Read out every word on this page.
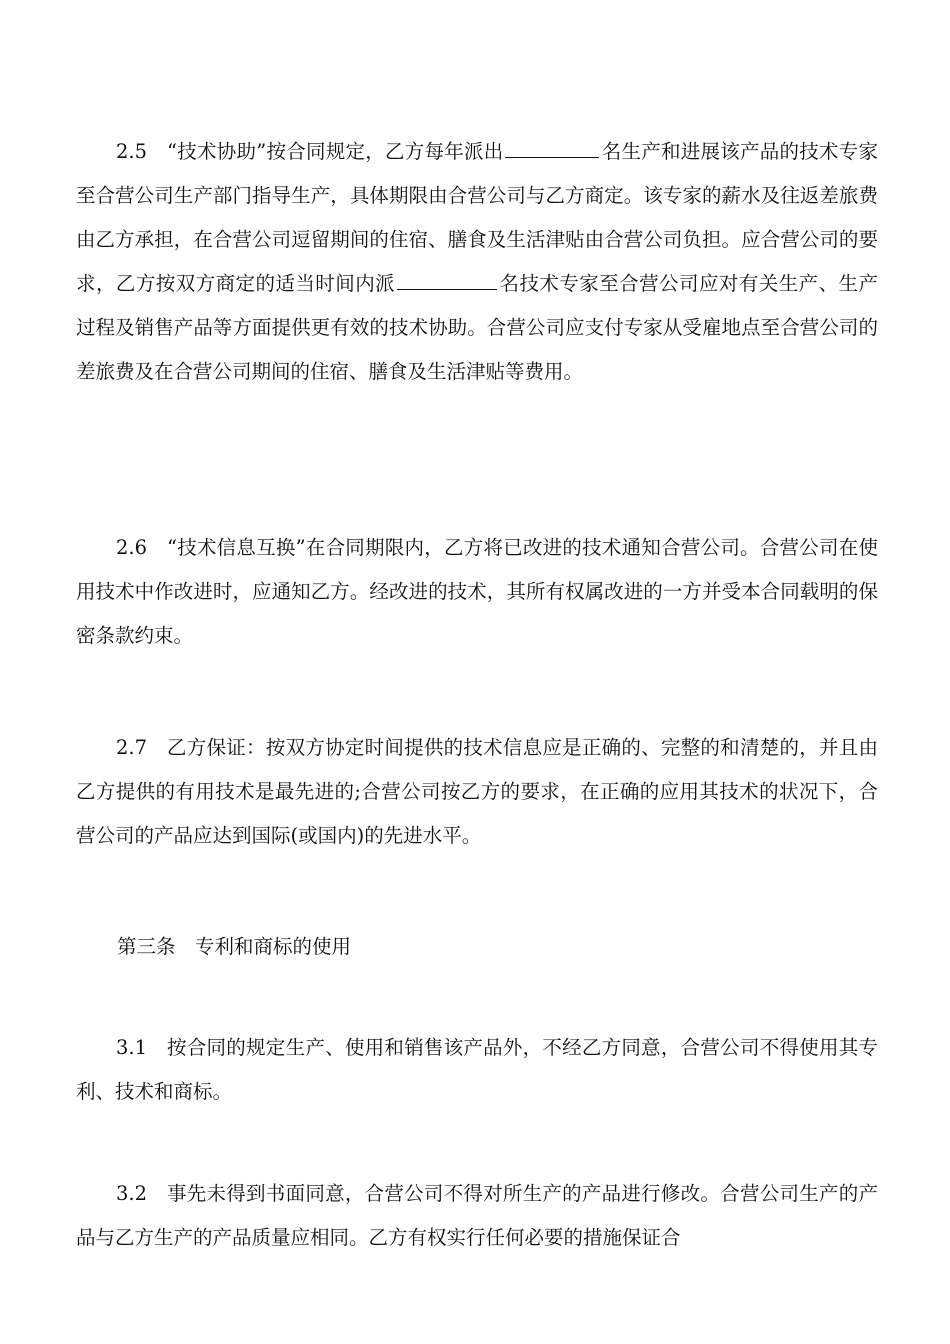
2.5　 “技术协助”按合同规定，乙方每年派出	名生产和进展该产品的技术专家至合营公司生产部门指导生产，具体期限由合营公司与乙方商定。该专家的薪水及往返差旅费由乙方承担，在合营公司逗留期间的住宿、膳食及生活津贴由合营公司负担。应合营公司的要求，乙方按双方商定的适当时间内派	名技术专家至合营公司应对有关生产、生产过程及销售产品等方面提供更有效的技术协助。合营公司应支付专家从受雇地点至合营公司的差旅费及在合营公司期间的住宿、膳食及生活津贴等费用。

2.6　 “技术信息互换”在合同期限内，乙方将已改进的技术通知合营公司。合营公司在使用技术中作改进时，应通知乙方。经改进的技术，其所有权属改进的一方并受本合同载明的保密条款约束。

2.7　 乙方保证：按双方协定时间提供的技术信息应是正确的、完整的和清楚的，并且由乙方提供的有用技术是最先进的;合营公司按乙方的要求，在正确的应用其技术的状况下，合营公司的产品应达到国际(或国内)的先进水平。

第三条　专利和商标的使用

3.1　 按合同的规定生产、使用和销售该产品外，不经乙方同意，合营公司不得使用其专利、技术和商标。

3.2　 事先未得到书面同意，合营公司不得对所生产的产品进行修改。合营公司生产的产品与乙方生产的产品质量应相同。乙方有权实行任何必要的措施保证合
